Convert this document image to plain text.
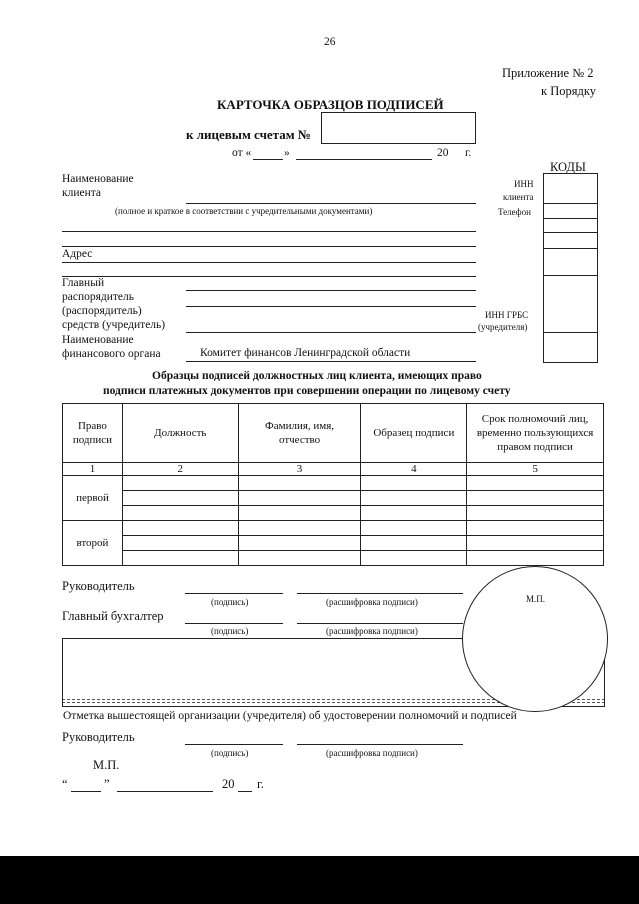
26
Приложение № 2
к Порядку
КАРТОЧКА ОБРАЗЦОВ ПОДПИСЕЙ
к лицевым счетам №
от «	»	20 г.
КОДЫ
Наименование
клиента
(полное и краткое в соответствии с учредительными документами)
ИНН
клиента
Телефон
Адрес
Главный
распорядитель
(распорядитель)
средств (учредитель)
ИНН ГРБС
(учредителя)
Наименование
финансового органа	Комитет финансов Ленинградской области
Образцы подписей должностных лиц клиента, имеющих право
подписи платежных документов при совершении операции по лицевому счету
Право подписи	Должность	Фамилия, имя, отчество	Образец подписи	Срок полномочий лиц, временно пользующихся правом подписи
1	2	3	4	5
первой				

второй				

Руководитель
(подпись)	(расшифровка подписи)
Главный бухгалтер
(подпись)	(расшифровка подписи)
М.П.
Отметка вышестоящей организации (учредителя) об удостоверении полномочий и подписей
Руководитель
(подпись)	(расшифровка подписи)
М.П.
“	”	20 г.
